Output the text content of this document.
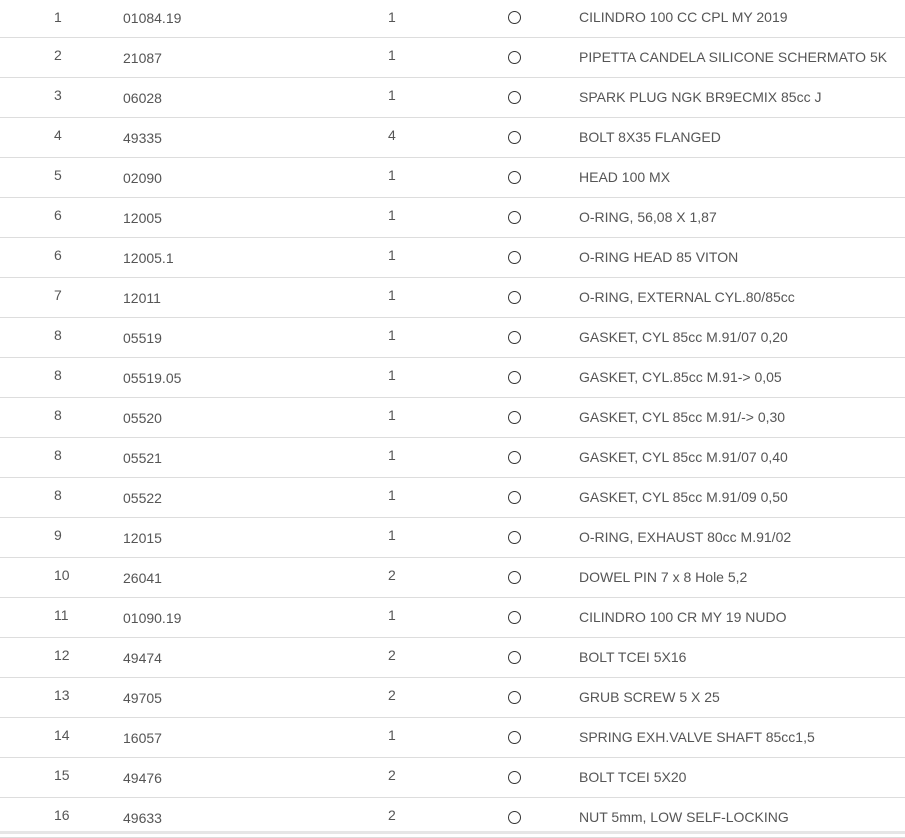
1	01084.19	1	CILINDRO 100 CC CPL MY 2019
2	21087	1	PIPETTA CANDELA SILICONE SCHERMATO 5K
3	06028	1	SPARK PLUG NGK BR9ECMIX 85cc J
4	49335	4	BOLT 8X35 FLANGED
5	02090	1	HEAD 100 MX
6	12005	1	O-RING, 56,08 X 1,87
6	12005.1	1	O-RING HEAD 85 VITON
7	12011	1	O-RING, EXTERNAL CYL.80/85cc
8	05519	1	GASKET, CYL 85cc M.91/07 0,20
8	05519.05	1	GASKET, CYL.85cc M.91-> 0,05
8	05520	1	GASKET, CYL 85cc M.91/-> 0,30
8	05521	1	GASKET, CYL 85cc M.91/07 0,40
8	05522	1	GASKET, CYL 85cc M.91/09 0,50
9	12015	1	O-RING, EXHAUST 80cc M.91/02
10	26041	2	DOWEL PIN 7 x 8 Hole 5,2
11	01090.19	1	CILINDRO 100 CR MY 19 NUDO
12	49474	2	BOLT TCEI 5X16
13	49705	2	GRUB SCREW 5 X 25
14	16057	1	SPRING EXH.VALVE SHAFT 85cc1,5
15	49476	2	BOLT TCEI 5X20
16	49633	2	NUT 5mm, LOW SELF-LOCKING
